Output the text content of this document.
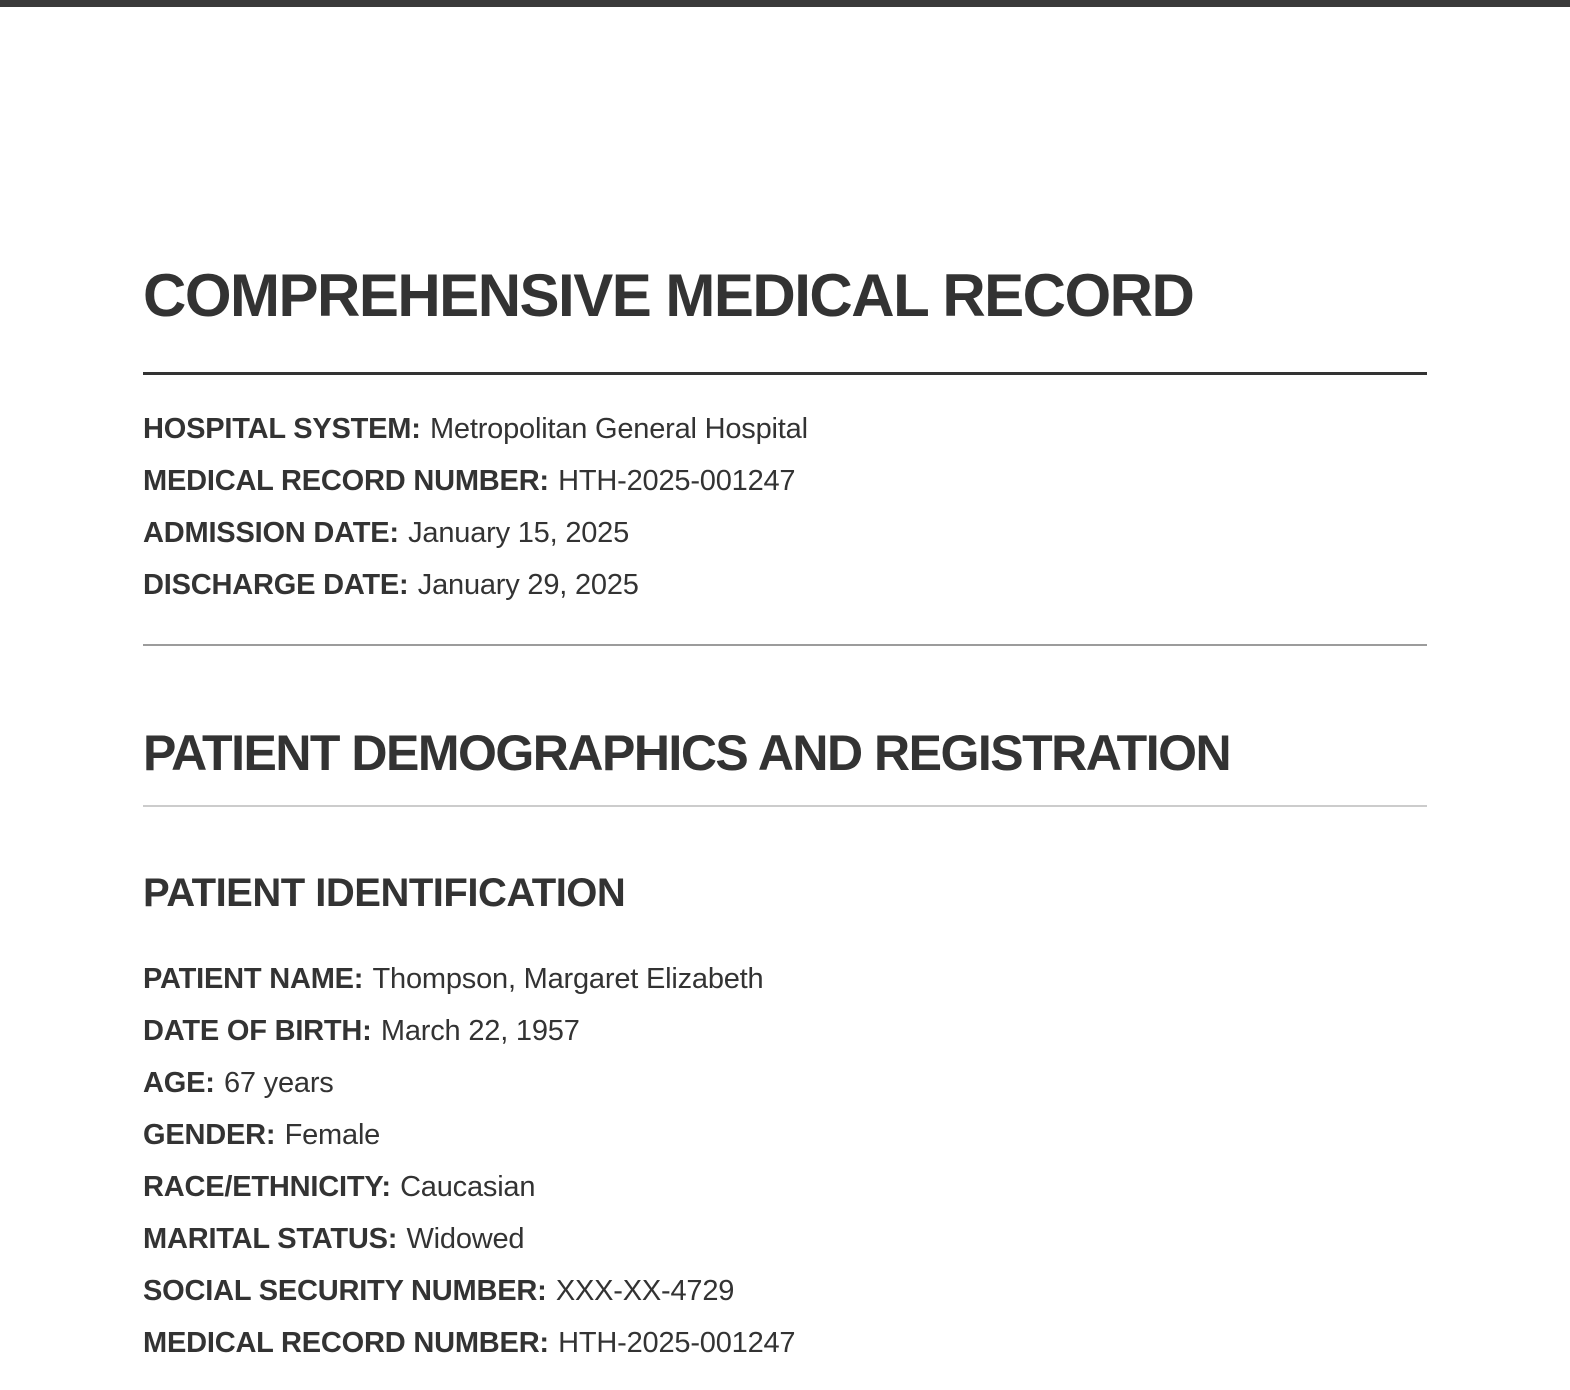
COMPREHENSIVE MEDICAL RECORD

HOSPITAL SYSTEM: Metropolitan General Hospital
MEDICAL RECORD NUMBER: HTH-2025-001247
ADMISSION DATE: January 15, 2025
DISCHARGE DATE: January 29, 2025

PATIENT DEMOGRAPHICS AND REGISTRATION
PATIENT IDENTIFICATION

PATIENT NAME: Thompson, Margaret Elizabeth
DATE OF BIRTH: March 22, 1957
AGE: 67 years
GENDER: Female
RACE/ETHNICITY: Caucasian
MARITAL STATUS: Widowed
SOCIAL SECURITY NUMBER: XXX-XX-4729
MEDICAL RECORD NUMBER: HTH-2025-001247
